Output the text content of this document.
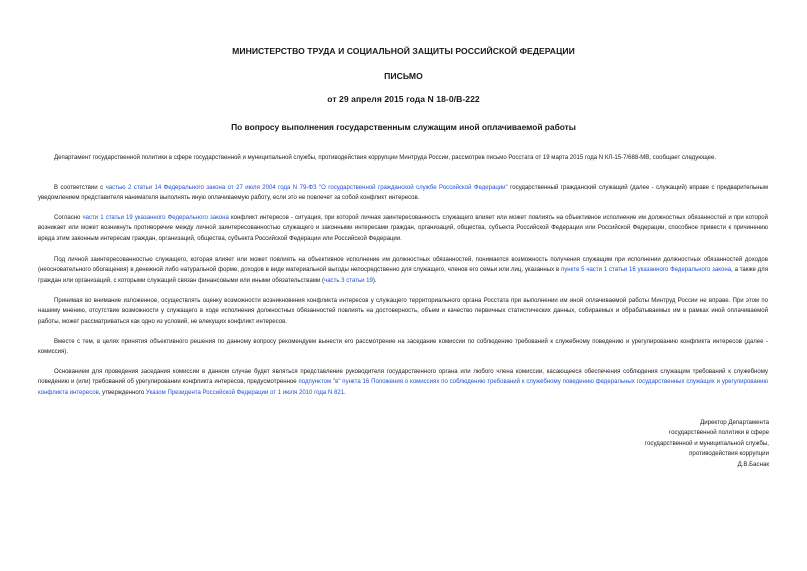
МИНИСТЕРСТВО ТРУДА И СОЦИАЛЬНОЙ ЗАЩИТЫ РОССИЙСКОЙ ФЕДЕРАЦИИ
ПИСЬМО
от 29 апреля 2015 года N 18-0/В-222
По вопросу выполнения государственным служащим иной оплачиваемой работы

Департамент государственной политики в сфере государственной и муниципальной службы, противодействия коррупции Минтруда России, рассмотрев письмо Росстата от 19 марта 2015 года N КЛ-15-7/688-МВ, сообщает следующее.

В соответствии с частью 2 статьи 14 Федерального закона от 27 июля 2004 года N 79-ФЗ "О государственной гражданской службе Российской Федерации" государственный гражданский служащий (далее - служащий) вправе с предварительным уведомлением представителя нанимателя выполнять иную оплачиваемую работу, если это не повлечет за собой конфликт интересов.

Согласно части 1 статьи 19 указанного Федерального закона конфликт интересов - ситуация, при которой личная заинтересованность служащего влияет или может повлиять на объективное исполнение им должностных обязанностей и при которой возникает или может возникнуть противоречие между личной заинтересованностью служащего и законными интересами граждан, организаций, общества, субъекта Российской Федерации или Российской Федерации, способное привести к причинению вреда этим законным интересам граждан, организаций, общества, субъекта Российской Федерации или Российской Федерации.

Под личной заинтересованностью служащего, которая влияет или может повлиять на объективное исполнение им должностных обязанностей, понимается возможность получения служащим при исполнении должностных обязанностей доходов (неосновательного обогащения) в денежной либо натуральной форме, доходов в виде материальной выгоды непосредственно для служащего, членов его семьи или лиц, указанных в пункте 5 части 1 статьи 16 указанного Федерального закона, а также для граждан или организаций, с которыми служащий связан финансовыми или иными обязательствами (часть 3 статьи 19).

Принимая во внимание изложенное, осуществлять оценку возможности возникновения конфликта интересов у служащего территориального органа Росстата при выполнении им иной оплачиваемой работы Минтруд России не вправе. При этом по нашему мнению, отсутствие возможности у служащего в ходе исполнения должностных обязанностей повлиять на достоверность, объем и качество первичных статистических данных, собираемых и обрабатываемых им в рамках иной оплачиваемой работы, может рассматриваться как одно из условий, не влекущих конфликт интересов.

Вместе с тем, в целях принятия объективного решения по данному вопросу рекомендуем вынести его рассмотрение на заседание комиссии по соблюдению требований к служебному поведению и урегулированию конфликта интересов (далее - комиссия).

Основанием для проведения заседания комиссии в данном случае будет являться представление руководителя государственного органа или любого члена комиссии, касающееся обеспечения соблюдения служащим требований к служебному поведению и (или) требований об урегулировании конфликта интересов, предусмотренное подпунктом "в" пункта 16 Положения о комиссиях по соблюдению требований к служебному поведению федеральных государственных служащих и урегулированию конфликта интересов, утвержденного Указом Президента Российской Федерации от 1 июля 2010 года N 821.

Директор Департамента
государственной политики в сфере
государственной и муниципальной службы,
противодействия коррупции
Д.В.Баснак
